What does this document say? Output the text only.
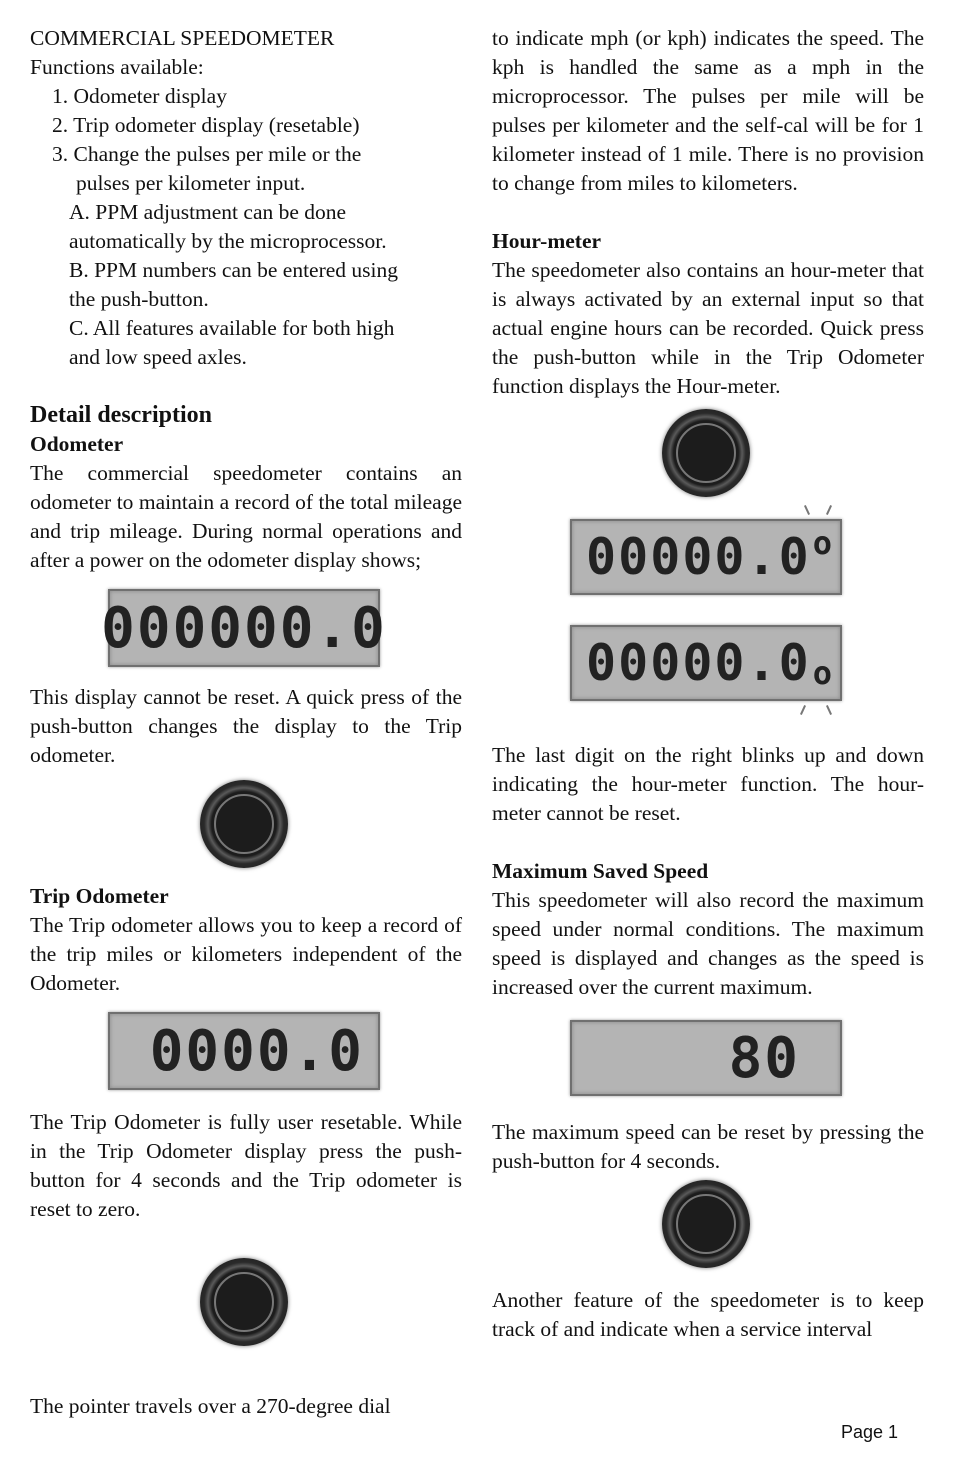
COMMERCIAL SPEEDOMETER

Functions available:

1. Odometer display

2. Trip odometer display (resetable)

3. Change the pulses per mile or the

pulses per kilometer input.

A. PPM adjustment can be done

automatically by the microprocessor.

B. PPM numbers can be entered using

the push-button.

C. All features available for both high

and low speed axles.

Detail description

Odometer

The commercial speedometer contains an odometer to maintain a record of the total mileage and trip mileage. During normal operations and after a power on the odometer display shows;

000000.0

This display cannot be reset. A quick press of the push-button changes the display to the Trip odometer.

Trip Odometer

The Trip odometer allows you to keep a record of the trip miles or kilometers independent of the Odometer.

0000.0

The Trip Odometer is fully user resetable. While in the Trip Odometer display press the push-button for 4 seconds and the Trip odometer is reset to zero.

The pointer travels over a 270-degree dial

to indicate mph (or kph) indicates the speed. The kph is handled the same as a mph in the microprocessor. The pulses per mile will be pulses per kilometer and the self-cal will be for 1 kilometer instead of 1 mile. There is no provision to change from miles to kilometers.

Hour-meter

The speedometer also contains an hour-meter that is always activated by an external input so that actual engine hours can be recorded. Quick press the push-button while in the Trip Odometer function displays the Hour-meter.

00000.0 o
00000.0 o

The last digit on the right blinks up and down indicating the hour-meter function. The hour-meter cannot be reset.

Maximum Saved Speed

This speedometer will also record the maximum speed under normal conditions. The maximum speed is displayed and changes as the speed is increased over the current maximum.

80

The maximum speed can be reset by pressing the push-button for 4 seconds.

Another feature of the speedometer is to keep track of and indicate when a service interval

Page 1
